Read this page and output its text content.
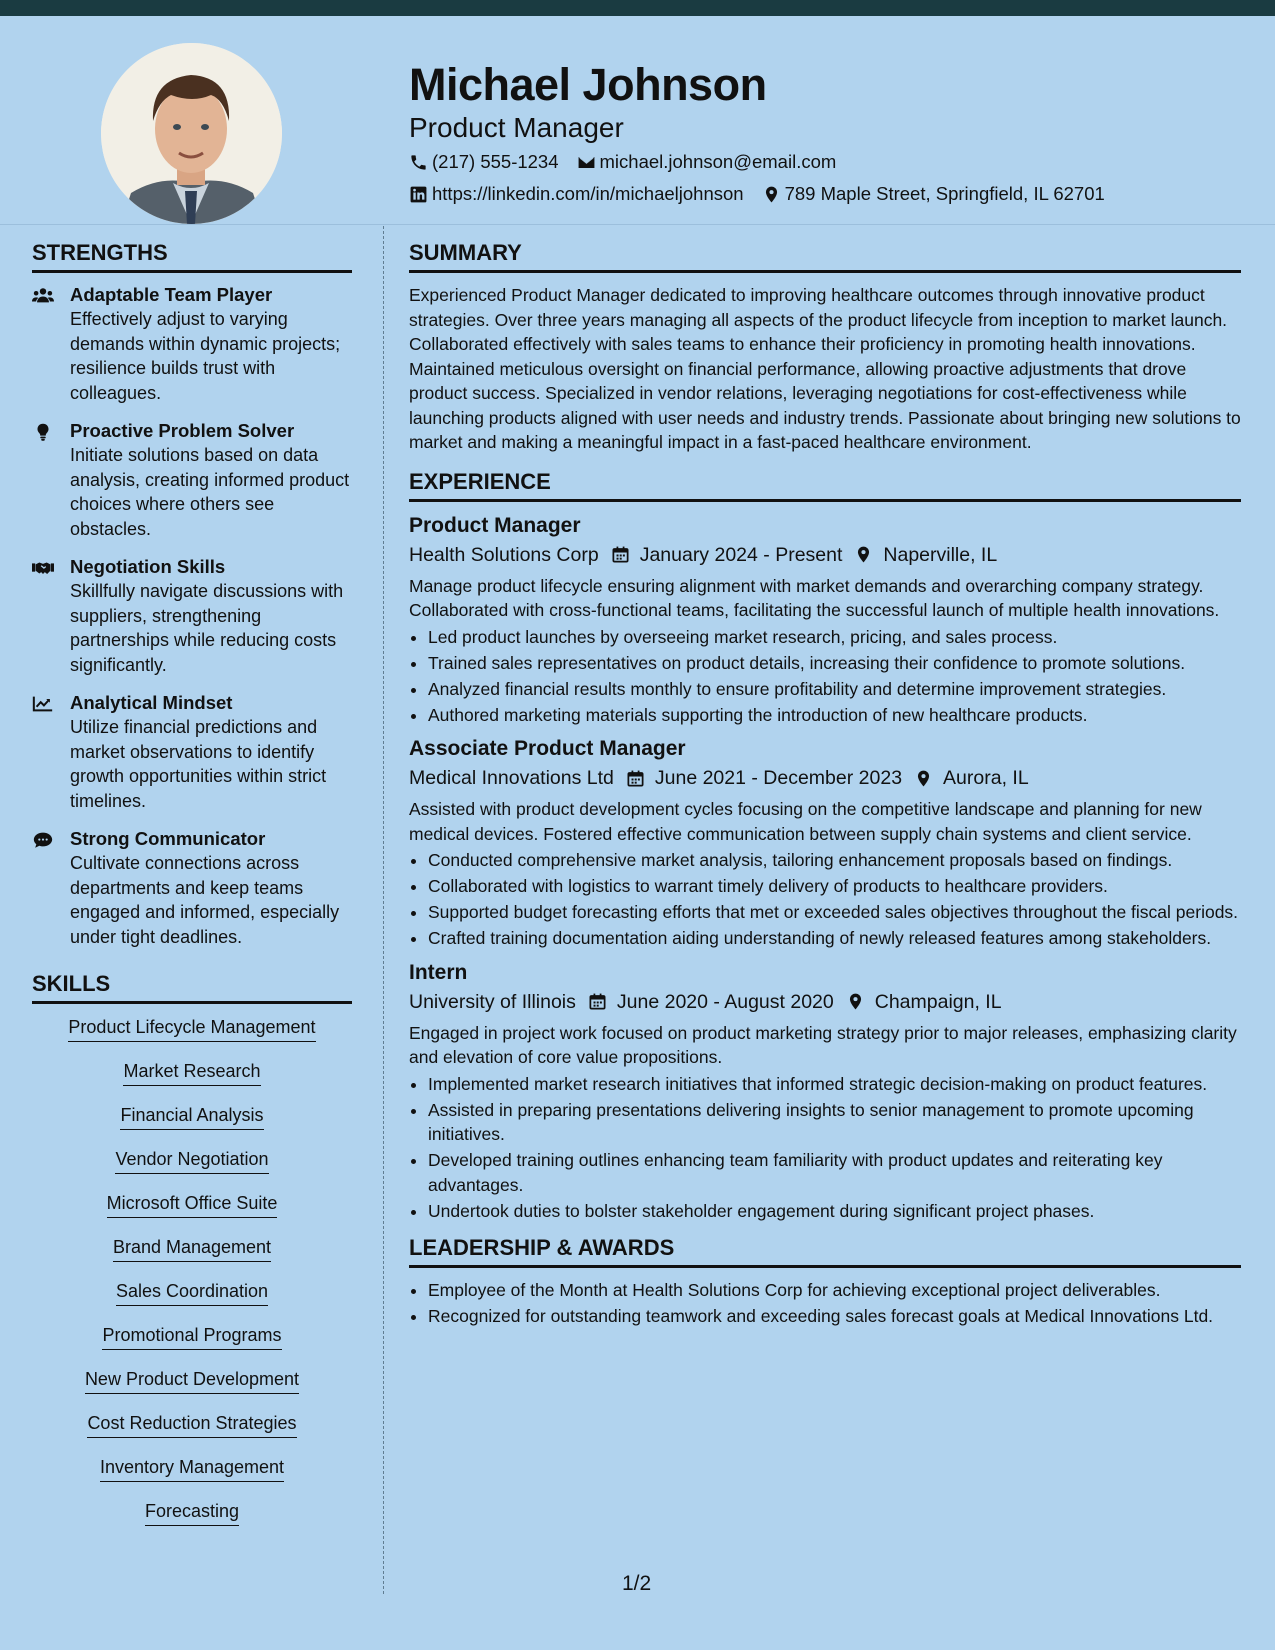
Michael Johnson
Product Manager
(217) 555-1234 michael.johnson@email.com
https://linkedin.com/in/michaeljohnson 789 Maple Street, Springfield, IL 62701
STRENGTHS
Adaptable Team Player
Effectively adjust to varying demands within dynamic projects; resilience builds trust with colleagues.
Proactive Problem Solver
Initiate solutions based on data analysis, creating informed product choices where others see obstacles.
Negotiation Skills
Skillfully navigate discussions with suppliers, strengthening partnerships while reducing costs significantly.
Analytical Mindset
Utilize financial predictions and market observations to identify growth opportunities within strict timelines.
Strong Communicator
Cultivate connections across departments and keep teams engaged and informed, especially under tight deadlines.
SKILLS
Product Lifecycle Management
Market Research
Financial Analysis
Vendor Negotiation
Microsoft Office Suite
Brand Management
Sales Coordination
Promotional Programs
New Product Development
Cost Reduction Strategies
Inventory Management
Forecasting
SUMMARY
Experienced Product Manager dedicated to improving healthcare outcomes through innovative product strategies. Over three years managing all aspects of the product lifecycle from inception to market launch. Collaborated effectively with sales teams to enhance their proficiency in promoting health innovations. Maintained meticulous oversight on financial performance, allowing proactive adjustments that drove product success. Specialized in vendor relations, leveraging negotiations for cost-effectiveness while launching products aligned with user needs and industry trends. Passionate about bringing new solutions to market and making a meaningful impact in a fast-paced healthcare environment.
EXPERIENCE
Product Manager
Health Solutions Corp January 2024 - Present Naperville, IL
Manage product lifecycle ensuring alignment with market demands and overarching company strategy. Collaborated with cross-functional teams, facilitating the successful launch of multiple health innovations.
• Led product launches by overseeing market research, pricing, and sales process.
• Trained sales representatives on product details, increasing their confidence to promote solutions.
• Analyzed financial results monthly to ensure profitability and determine improvement strategies.
• Authored marketing materials supporting the introduction of new healthcare products.
Associate Product Manager
Medical Innovations Ltd June 2021 - December 2023 Aurora, IL
Assisted with product development cycles focusing on the competitive landscape and planning for new medical devices. Fostered effective communication between supply chain systems and client service.
• Conducted comprehensive market analysis, tailoring enhancement proposals based on findings.
• Collaborated with logistics to warrant timely delivery of products to healthcare providers.
• Supported budget forecasting efforts that met or exceeded sales objectives throughout the fiscal periods.
• Crafted training documentation aiding understanding of newly released features among stakeholders.
Intern
University of Illinois June 2020 - August 2020 Champaign, IL
Engaged in project work focused on product marketing strategy prior to major releases, emphasizing clarity and elevation of core value propositions.
• Implemented market research initiatives that informed strategic decision-making on product features.
• Assisted in preparing presentations delivering insights to senior management to promote upcoming initiatives.
• Developed training outlines enhancing team familiarity with product updates and reiterating key advantages.
• Undertook duties to bolster stakeholder engagement during significant project phases.
LEADERSHIP & AWARDS
• Employee of the Month at Health Solutions Corp for achieving exceptional project deliverables.
• Recognized for outstanding teamwork and exceeding sales forecast goals at Medical Innovations Ltd.
1/2
